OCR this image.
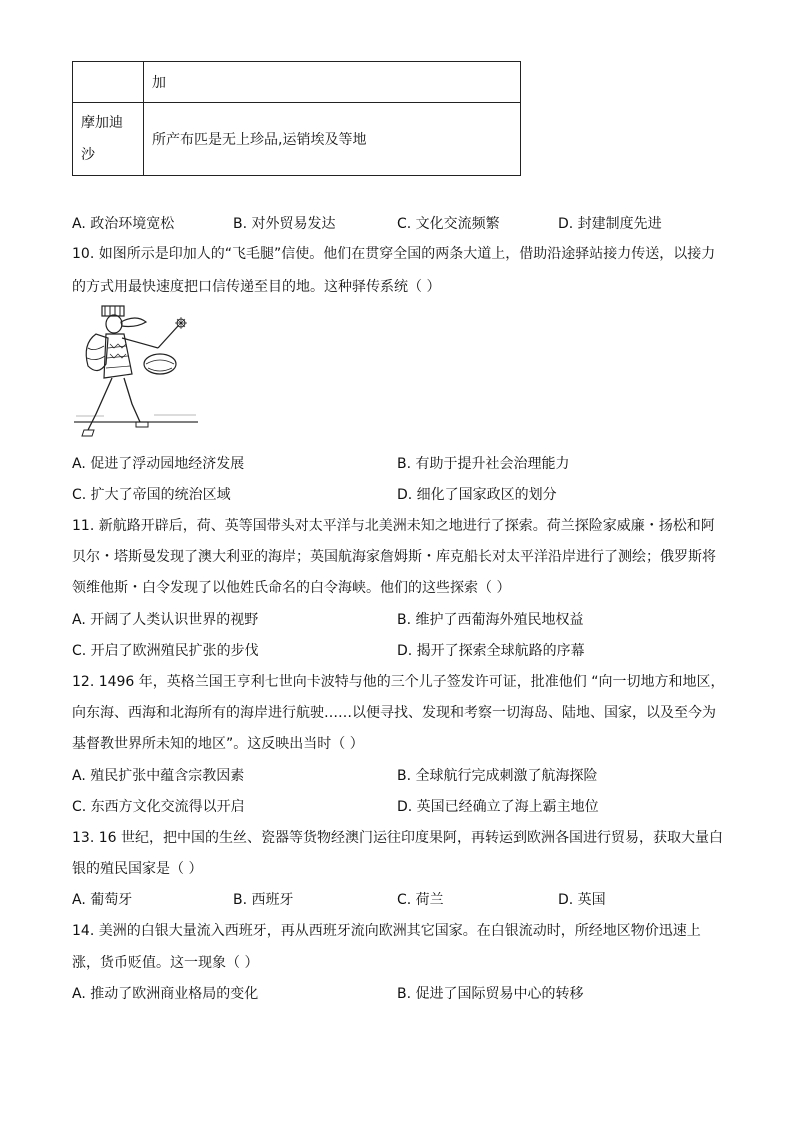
	加

摩加迪沙	所产布匹是无上珍品,运销埃及等地
A. 政治环境宽松	B. 对外贸易发达	C. 文化交流频繁	D. 封建制度先进
10. 如图所示是印加人的“飞毛腿”信使。他们在贯穿全国的两条大道上，借助沿途驿站接力传送，以接力
的方式用最快速度把口信传递至目的地。这种驿传系统（ ）
A. 促进了浮动园地经济发展	B. 有助于提升社会治理能力
C. 扩大了帝国的统治区域	D. 细化了国家政区的划分
11. 新航路开辟后，荷、英等国带头对太平洋与北美洲未知之地进行了探索。荷兰探险家威廉・扬松和阿
贝尔・塔斯曼发现了澳大利亚的海岸；英国航海家詹姆斯・库克船长对太平洋沿岸进行了测绘；俄罗斯将
领维他斯・白令发现了以他姓氏命名的白令海峡。他们的这些探索（ ）
A. 开阔了人类认识世界的视野	B. 维护了西葡海外殖民地权益
C. 开启了欧洲殖民扩张的步伐	D. 揭开了探索全球航路的序幕
12. 1496 年，英格兰国王亨利七世向卡波特与他的三个儿子签发许可证，批准他们 “向一切地方和地区，
向东海、西海和北海所有的海岸进行航驶……以便寻找、发现和考察一切海岛、陆地、国家，以及至今为
基督教世界所未知的地区”。这反映出当时（ ）
A. 殖民扩张中蕴含宗教因素	B. 全球航行完成刺激了航海探险
C. 东西方文化交流得以开启	D. 英国已经确立了海上霸主地位
13. 16 世纪，把中国的生丝、瓷器等货物经澳门运往印度果阿，再转运到欧洲各国进行贸易，获取大量白
银的殖民国家是（ ）
A. 葡萄牙	B. 西班牙	C. 荷兰	D. 英国
14. 美洲的白银大量流入西班牙，再从西班牙流向欧洲其它国家。在白银流动时，所经地区物价迅速上
涨，货币贬值。这一现象（ ）
A. 推动了欧洲商业格局的变化	B. 促进了国际贸易中心的转移
